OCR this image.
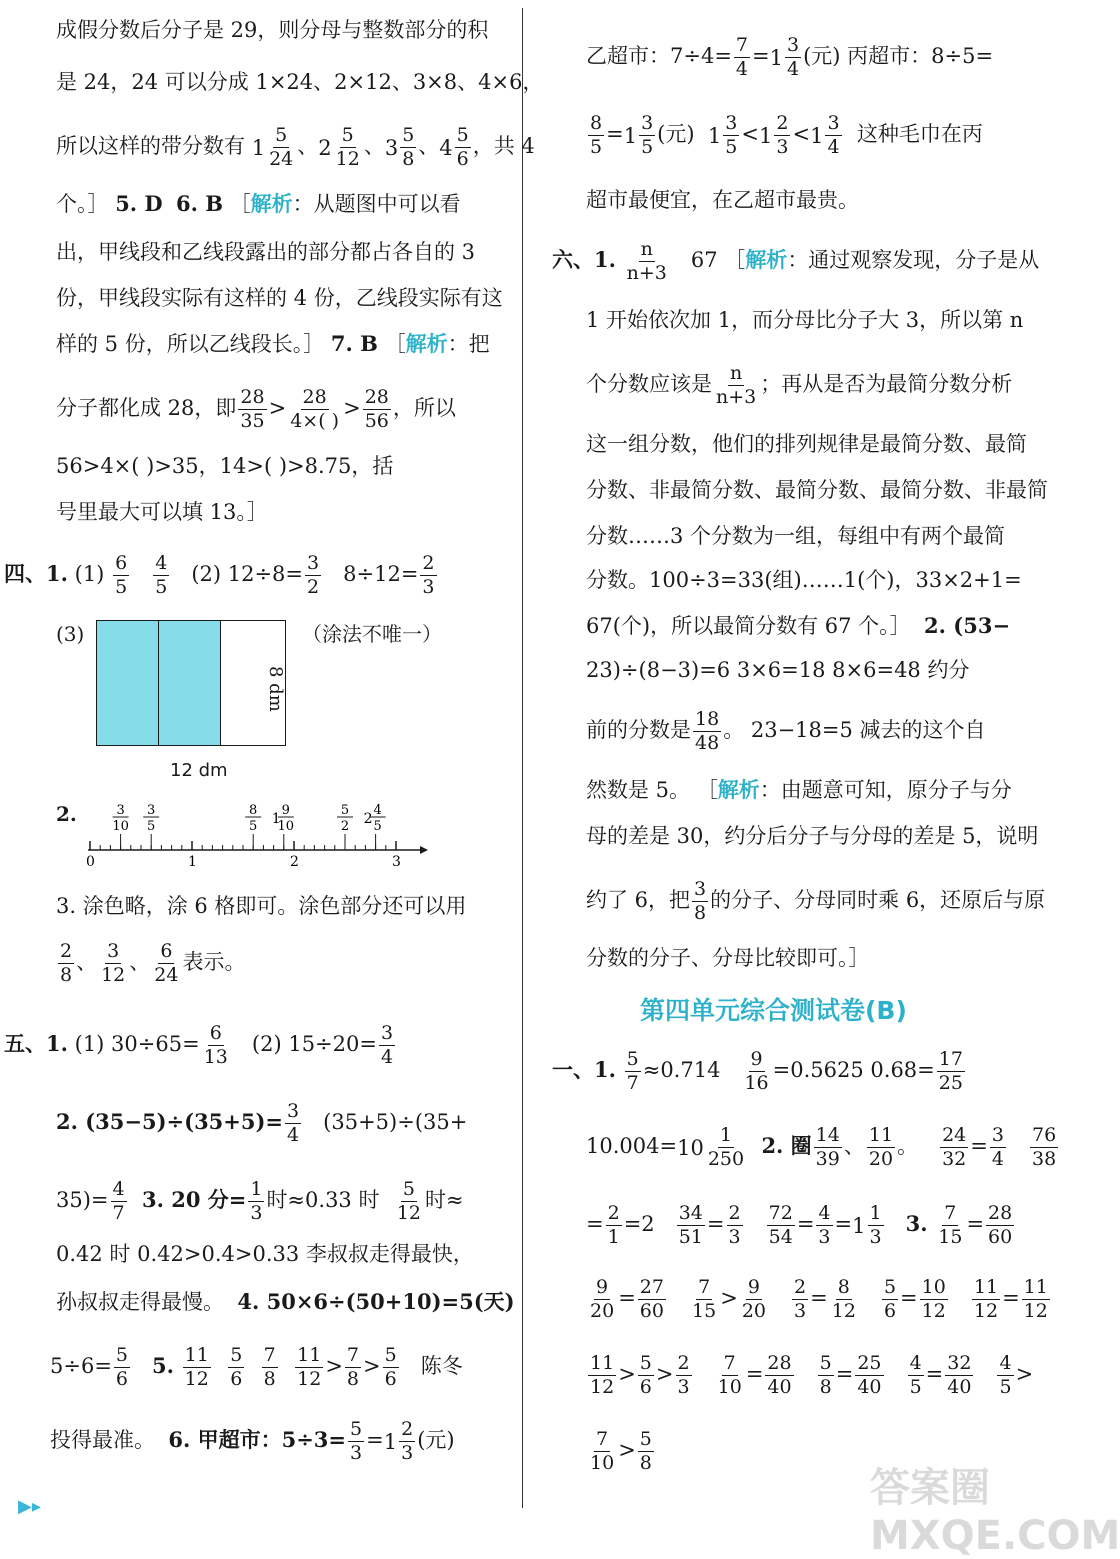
成假分数后分子是 29，则分母与整数部分的积
是 24，24 可以分成 1×24、2×12、3×8、4×6，
所以这样的带分数有 $1 \frac{5}{24}$ 、 $2 \frac{5}{12}$ 、 $3 \frac{5}{8}$ 、 $4 \frac{5}{6}$ ，共 4
个。］ 5. D 6. B ［解析：从题图中可以看
出，甲线段和乙线段露出的部分都占各自的 3
份，甲线段实际有这样的 4 份，乙线段实际有这
样的 5 份，所以乙线段长。］ 7. B ［解析：把
分子都化成 28，即 $\frac{28}{35} > \frac{28}{4\times( )} > \frac{28}{56}$ ，所以
56>4×( )>35，14>( )>8.75，括
号里最大可以填 13。］
四、1. $(1) \frac{6}{5}$
$\frac{4}{5} (2)$ $12\div 8= \frac{3}{2} 8\div 12= \frac{2}{3}$
(3)	（涂法不唯一）
8 dm
12 dm
2.
0	1	2	3
3
10
3
5
8
5 1
9
10
5
2 2
4
5
3. 涂色略，涂 6 格即可。涂色部分还可以用
$\frac{2}{8}$ 、 $\frac{3}{12}$ 、 $\frac{6}{24}$ 表示。
五、1. (1) $30\div 65= \frac{6}{13} (2)$ $15\div 20= \frac{3}{4}$
2. $(35-5)\div(35+5)= \frac{3}{4} (35+5)\div(35+$
$35)= \frac{4}{7} 3$. 20 分= $\frac{1}{3}$ 时≈0.33 时 $\frac{5}{12}$ 时≈
0.42 时 0.42>0.4>0.33 李叔叔走得最快，
孙叔叔走得最慢。 4. 50×6÷(50+10)=5(天)
$5\div 6= \frac{5}{6} 5$. $\frac{11}{12}$
$\frac{5}{6}$
$\frac{7}{8}$
$\frac{11}{12} > \frac{7}{8} > \frac{5}{6}$ 陈冬
投得最准。 6. 甲超市：$5\div 3= \frac{5}{3} = 1 \frac{2}{3}$ (元)
乙超市：$7\div 4= \frac{7}{4} = 1 \frac{3}{4}$ (元) 丙超市：8÷5=
$\frac{8}{5} = 1 \frac{3}{5}$ (元) $1 \frac{3}{5} < 1 \frac{2}{3} < 1 \frac{3}{4}$ 这种毛巾在丙
超市最便宜，在乙超市最贵。
六、1. $\frac{n}{n+3} 67$ ［解析：通过观察发现，分子是从
1 开始依次加 1，而分母比分子大 3，所以第 n
个分数应该是 $\frac{n}{n+3}$ ；再从是否为最简分数分析
这一组分数，他们的排列规律是最简分数、最简
分数、非最简分数、最简分数、最简分数、非最简
分数……3 个分数为一组，每组中有两个最简
分数。100÷3=33(组)……1(个)，33×2+1=
67(个)，所以最简分数有 67 个。］ 2. (53−
23)÷(8−3)=6 3×6=18 8×6=48 约分
前的分数是 $\frac{18}{48}$ 。 23−18=5 减去的这个自
然数是 5。 ［解析：由题意可知，原分子与分
母的差是 30，约分后分子与分母的差是 5，说明
约了 6，把 $\frac{3}{8}$ 的分子、分母同时乘 6，还原后与原
分数的分子、分母比较即可。］
第四单元综合测试卷(B)
一、1. $\frac{5}{7} \approx 0.714 \frac{9}{16} =0.5625$ $0.68= \frac{17}{25}$
$10.004= 10 \frac{1}{250} 2$. 圈 $\frac{14}{39}$ 、 $\frac{11}{20}$ 。 $\frac{24}{32} = \frac{3}{4}$
$\frac{76}{38}$
= $\frac{2}{1} =2 \frac{34}{51} = \frac{2}{3}$
$\frac{72}{54} = \frac{4}{3} = 1 \frac{1}{3} 3$. $\frac{7}{15} = \frac{28}{60}$
$\frac{9}{20} = \frac{27}{60}$
$\frac{7}{15} > \frac{9}{20}$
$\frac{2}{3} = \frac{8}{12}$
$\frac{5}{6} = \frac{10}{12}$
$\frac{11}{12} = \frac{11}{12}$
$\frac{11}{12} > \frac{5}{6} > \frac{2}{3}$
$\frac{7}{10} = \frac{28}{40}$
$\frac{5}{8} = \frac{25}{40}$
$\frac{4}{5} = \frac{32}{40}$
$\frac{4}{5}$ >
$\frac{7}{10} > \frac{5}{8}$
▶▸	答案圈 MXQE.COM
